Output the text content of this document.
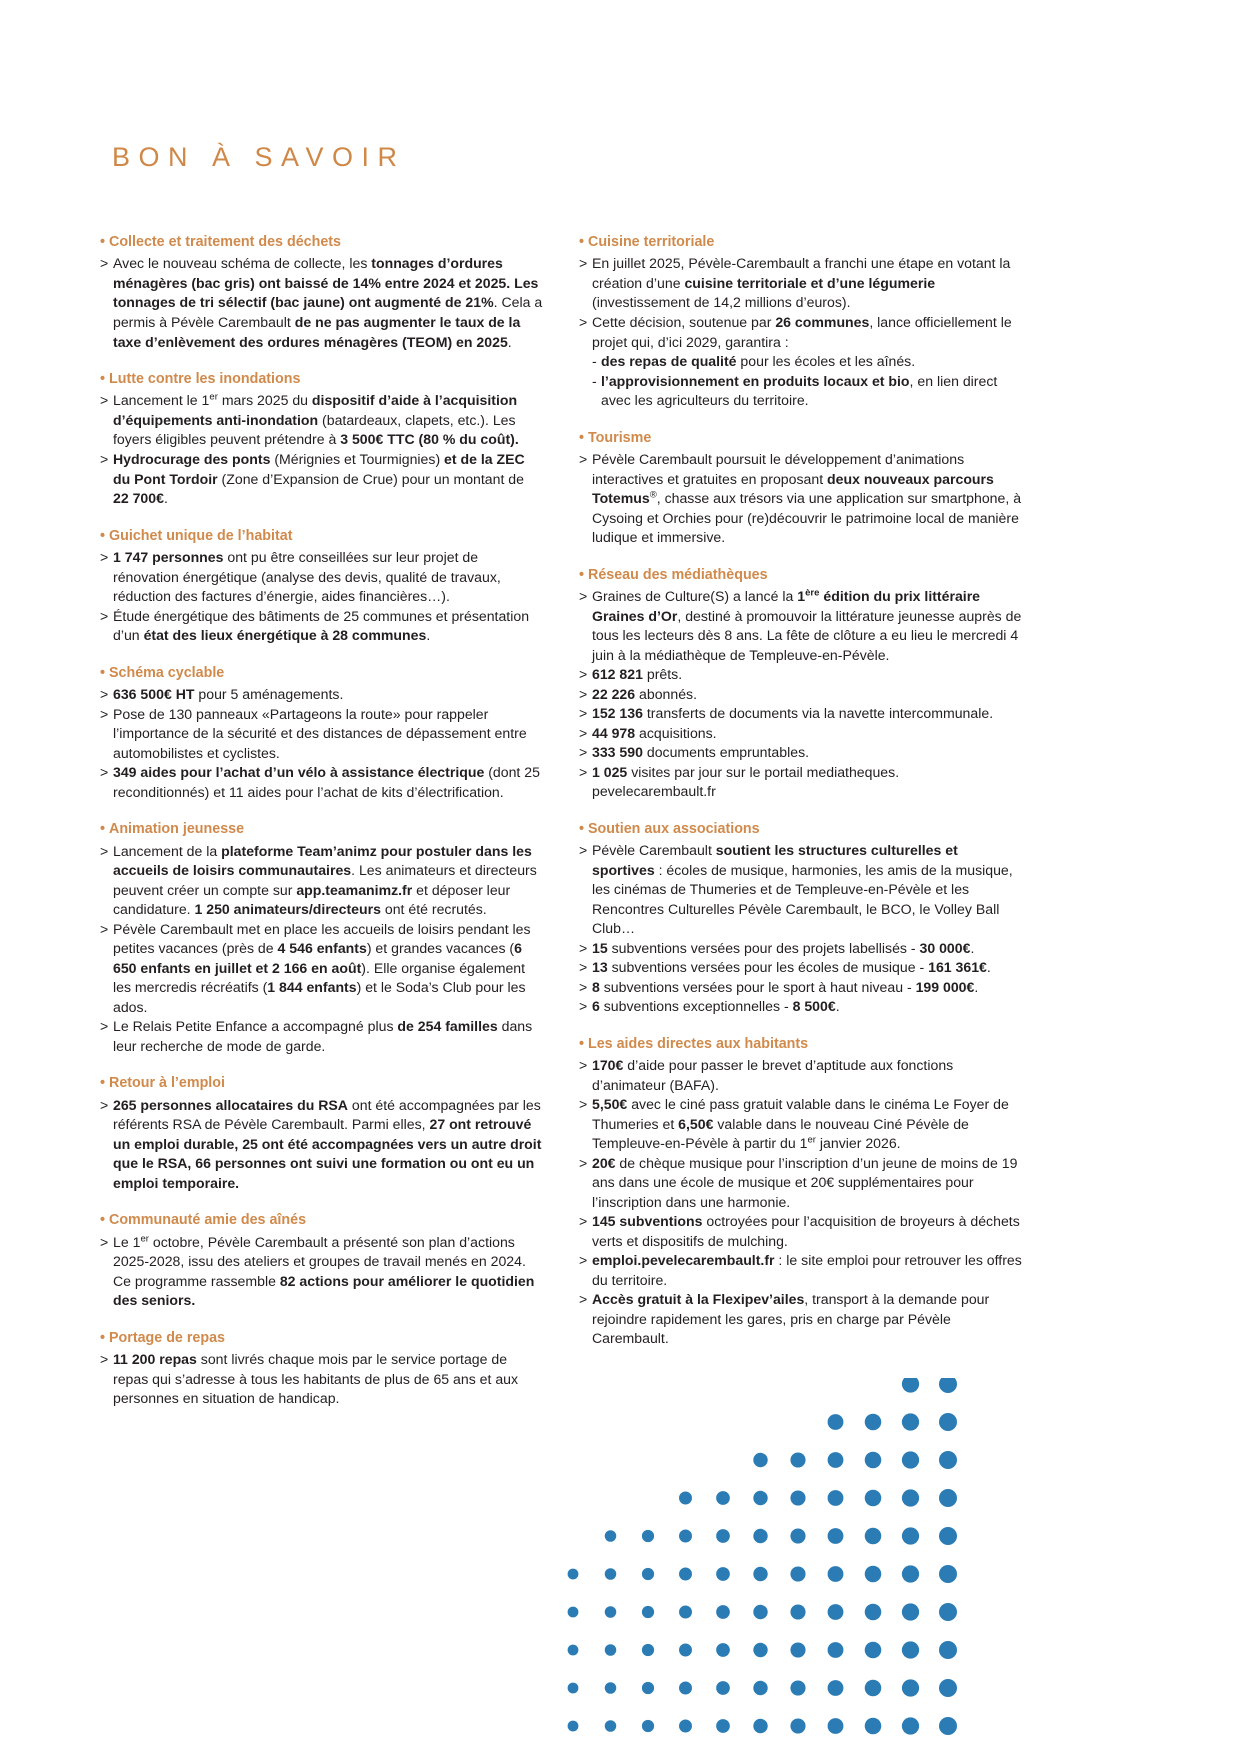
BON À SAVOIR
• Collecte et traitement des déchets
> Avec le nouveau schéma de collecte, les tonnages d’ordures ménagères (bac gris) ont baissé de 14% entre 2024 et 2025. Les tonnages de tri sélectif (bac jaune) ont augmenté de 21%. Cela a permis à Pévèle Carembault de ne pas augmenter le taux de la taxe d’enlèvement des ordures ménagères (TEOM) en 2025.
• Lutte contre les inondations
> Lancement le 1er mars 2025 du dispositif d’aide à l’acquisition d’équipements anti-inondation (batardeaux, clapets, etc.). Les foyers éligibles peuvent prétendre à 3 500€ TTC (80 % du coût).
> Hydrocurage des ponts (Mérignies et Tourmignies) et de la ZEC du Pont Tordoir (Zone d’Expansion de Crue) pour un montant de 22 700€.
• Guichet unique de l’habitat
> 1 747 personnes ont pu être conseillées sur leur projet de rénovation énergétique (analyse des devis, qualité de travaux, réduction des factures d’énergie, aides financières…).
> Étude énergétique des bâtiments de 25 communes et présentation d’un état des lieux énergétique à 28 communes.
• Schéma cyclable
> 636 500€ HT pour 5 aménagements.
> Pose de 130 panneaux «Partageons la route» pour rappeler l’importance de la sécurité et des distances de dépassement entre automobilistes et cyclistes.
> 349 aides pour l’achat d’un vélo à assistance électrique (dont 25 reconditionnés) et 11 aides pour l’achat de kits d’électrification.
• Animation jeunesse
> Lancement de la plateforme Team’animz pour postuler dans les accueils de loisirs communautaires. Les animateurs et directeurs peuvent créer un compte sur app.teamanimz.fr et déposer leur candidature. 1 250 animateurs/directeurs ont été recrutés.
> Pévèle Carembault met en place les accueils de loisirs pendant les petites vacances (près de 4 546 enfants) et grandes vacances (6 650 enfants en juillet et 2 166 en août). Elle organise également les mercredis récréatifs (1 844 enfants) et le Soda’s Club pour les ados.
> Le Relais Petite Enfance a accompagné plus de 254 familles dans leur recherche de mode de garde.
• Retour à l’emploi
> 265 personnes allocataires du RSA ont été accompagnées par les référents RSA de Pévèle Carembault. Parmi elles, 27 ont retrouvé un emploi durable, 25 ont été accompagnées vers un autre droit que le RSA, 66 personnes ont suivi une formation ou ont eu un emploi temporaire.
• Communauté amie des aînés
> Le 1er octobre, Pévèle Carembault a présenté son plan d’actions 2025-2028, issu des ateliers et groupes de travail menés en 2024. Ce programme rassemble 82 actions pour améliorer le quotidien des seniors.
• Portage de repas
> 11 200 repas sont livrés chaque mois par le service portage de repas qui s’adresse à tous les habitants de plus de 65 ans et aux personnes en situation de handicap.
• Cuisine territoriale
> En juillet 2025, Pévèle-Carembault a franchi une étape en votant la création d’une cuisine territoriale et d’une légumerie (investissement de 14,2 millions d’euros).
> Cette décision, soutenue par 26 communes, lance officiellement le projet qui, d’ici 2029, garantira :
- des repas de qualité pour les écoles et les aînés.
- l’approvisionnement en produits locaux et bio, en lien direct avec les agriculteurs du territoire.
• Tourisme
> Pévèle Carembault poursuit le développement d’animations interactives et gratuites en proposant deux nouveaux parcours Totemus®, chasse aux trésors via une application sur smartphone, à Cysoing et Orchies pour (re)découvrir le patrimoine local de manière ludique et immersive.
• Réseau des médiathèques
> Graines de Culture(S) a lancé la 1ère édition du prix littéraire Graines d’Or, destiné à promouvoir la littérature jeunesse auprès de tous les lecteurs dès 8 ans. La fête de clôture a eu lieu le mercredi 4 juin à la médiathèque de Templeuve-en-Pévèle.
> 612 821 prêts.
> 22 226 abonnés.
> 152 136 transferts de documents via la navette intercommunale.
> 44 978 acquisitions.
> 333 590 documents empruntables.
> 1 025 visites par jour sur le portail mediatheques. pevelecarembault.fr
• Soutien aux associations
> Pévèle Carembault soutient les structures culturelles et sportives : écoles de musique, harmonies, les amis de la musique, les cinémas de Thumeries et de Templeuve-en-Pévèle et les Rencontres Culturelles Pévèle Carembault, le BCO, le Volley Ball Club…
> 15 subventions versées pour des projets labellisés - 30 000€.
> 13 subventions versées pour les écoles de musique - 161 361€.
> 8 subventions versées pour le sport à haut niveau - 199 000€.
> 6 subventions exceptionnelles - 8 500€.
• Les aides directes aux habitants
> 170€ d’aide pour passer le brevet d’aptitude aux fonctions d’animateur (BAFA).
> 5,50€ avec le ciné pass gratuit valable dans le cinéma Le Foyer de Thumeries et 6,50€ valable dans le nouveau Ciné Pévèle de Templeuve-en-Pévèle à partir du 1er janvier 2026.
> 20€ de chèque musique pour l’inscription d’un jeune de moins de 19 ans dans une école de musique et 20€ supplémentaires pour l’inscription dans une harmonie.
> 145 subventions octroyées pour l’acquisition de broyeurs à déchets verts et dispositifs de mulching.
> emploi.pevelecarembault.fr : le site emploi pour retrouver les offres du territoire.
> Accès gratuit à la Flexipev’ailes, transport à la demande pour rejoindre rapidement les gares, pris en charge par Pévèle Carembault.
